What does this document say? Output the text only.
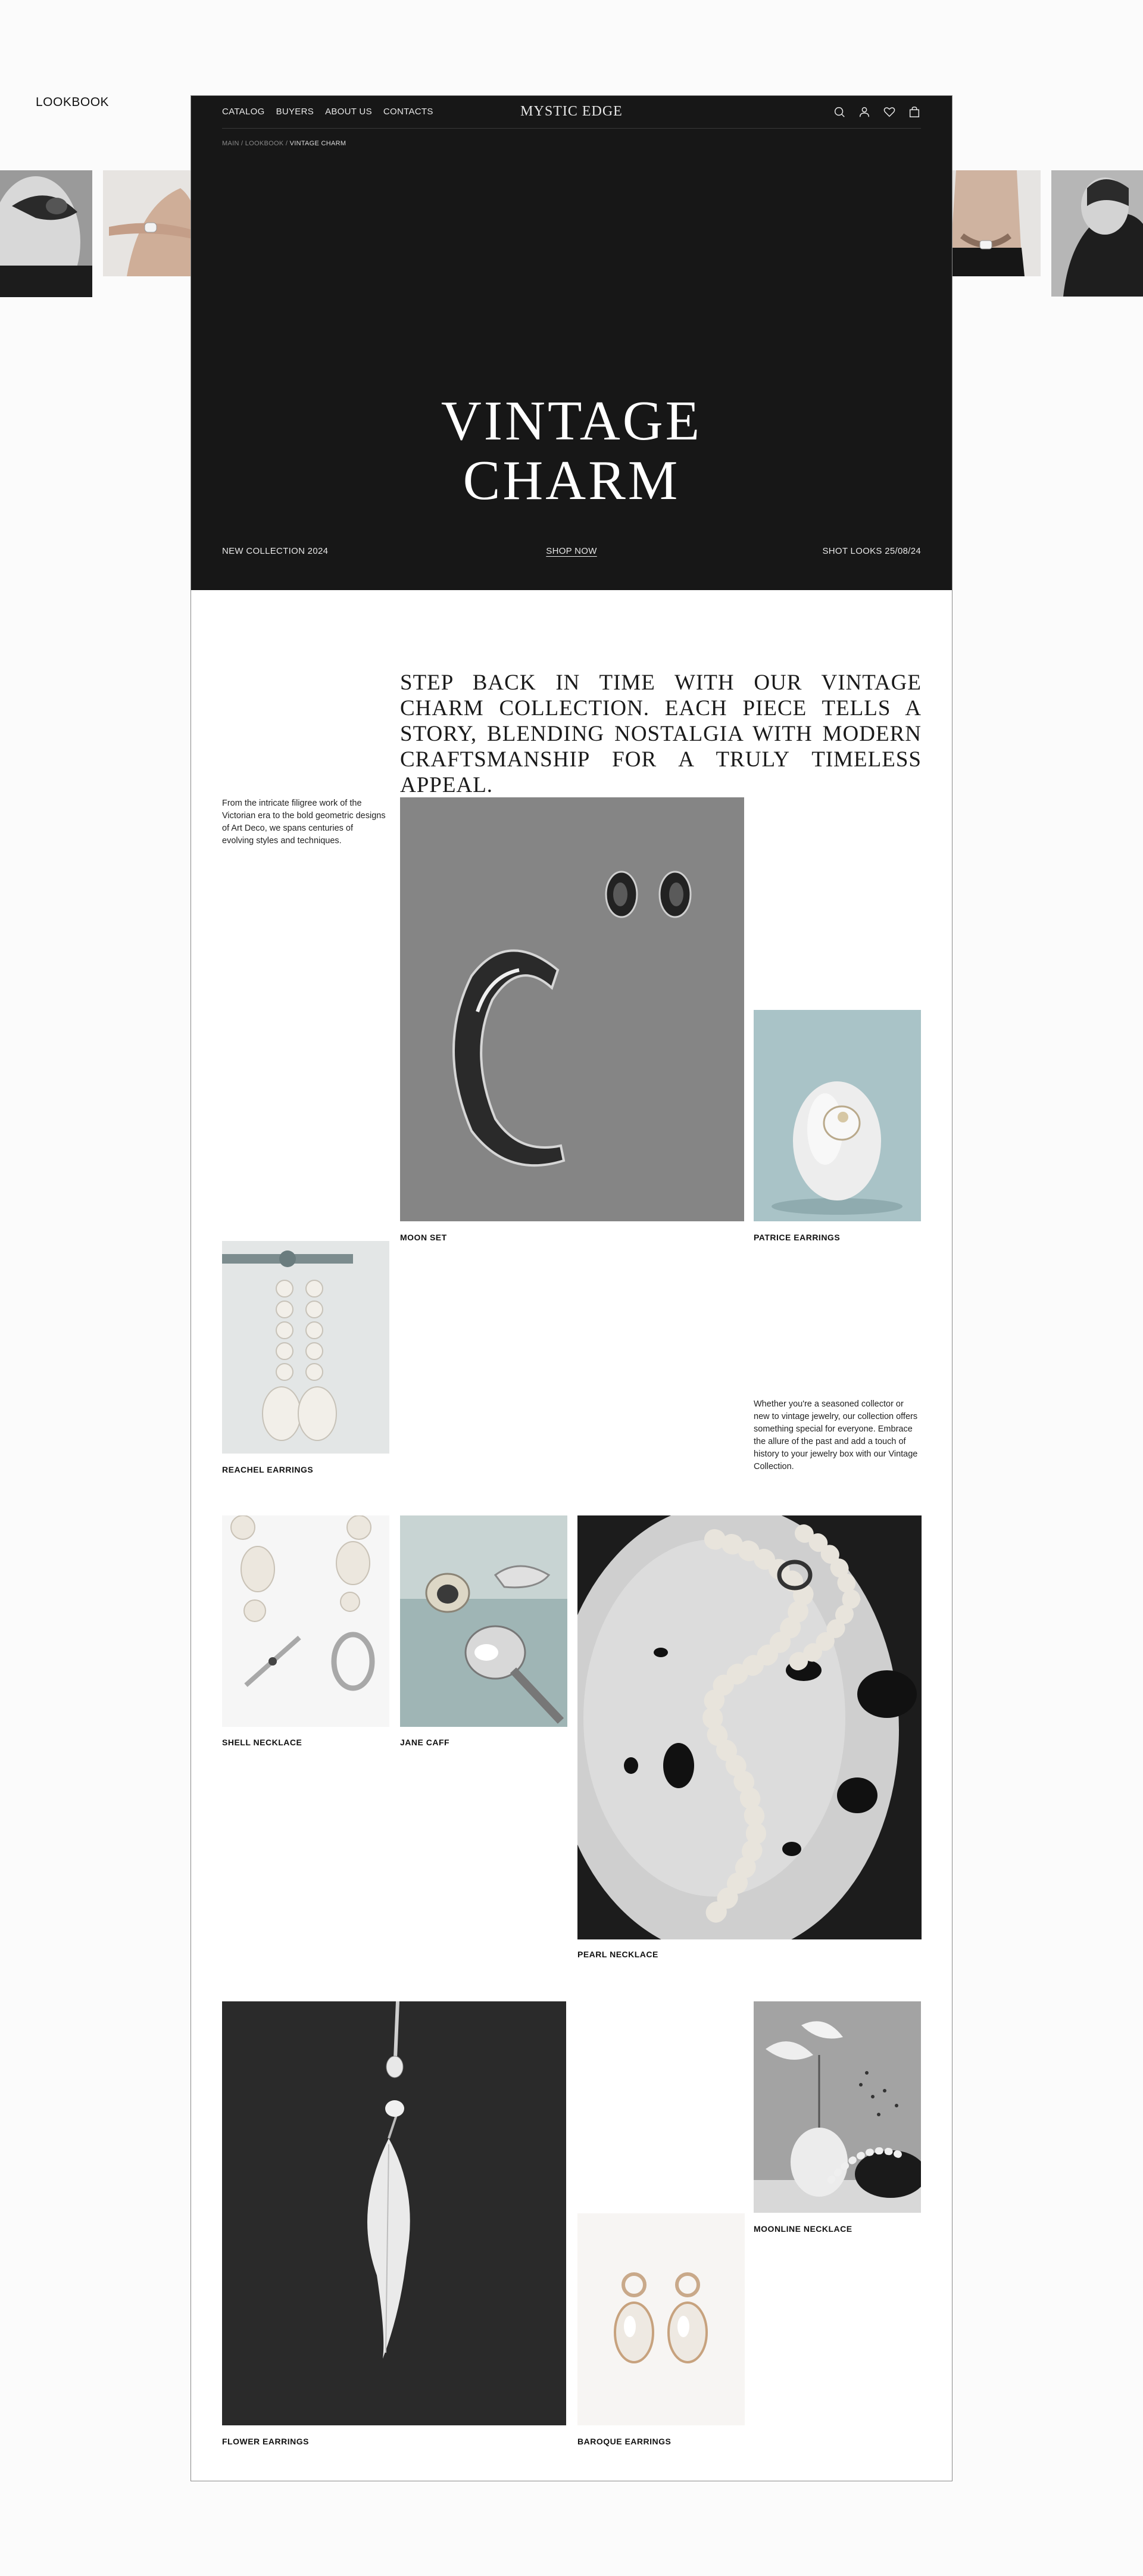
LOOKBOOK
MYSTIC EDGE
CATALOG BUYERS ABOUT US CONTACTS
MAIN / LOOKBOOK / VINTAGE CHARM
VINTAGE
CHARM
NEW COLLECTION 2024	SHOP NOW	SHOT LOOKS 25/08/24
STEP BACK IN TIME WITH OUR VINTAGE CHARM COLLECTION. EACH PIECE TELLS A STORY, BLENDING NOSTALGIA WITH MODERN CRAFTSMANSHIP FOR A TRULY TIMELESS APPEAL.
From the intricate filigree work of the Victorian era to the bold geometric designs of Art Deco, we spans centuries of evolving styles and techniques.
MOON SET	PATRICE EARRINGS
REACHEL EARRINGS
Whether you're a seasoned collector or new to vintage jewelry, our collection offers something special for everyone. Embrace the allure of the past and add a touch of history to your jewelry box with our Vintage Collection.
SHELL NECKLACE	JANE CAFF
PEARL NECKLACE
FLOWER EARRINGS	BAROQUE EARRINGS
MOONLINE NECKLACE
